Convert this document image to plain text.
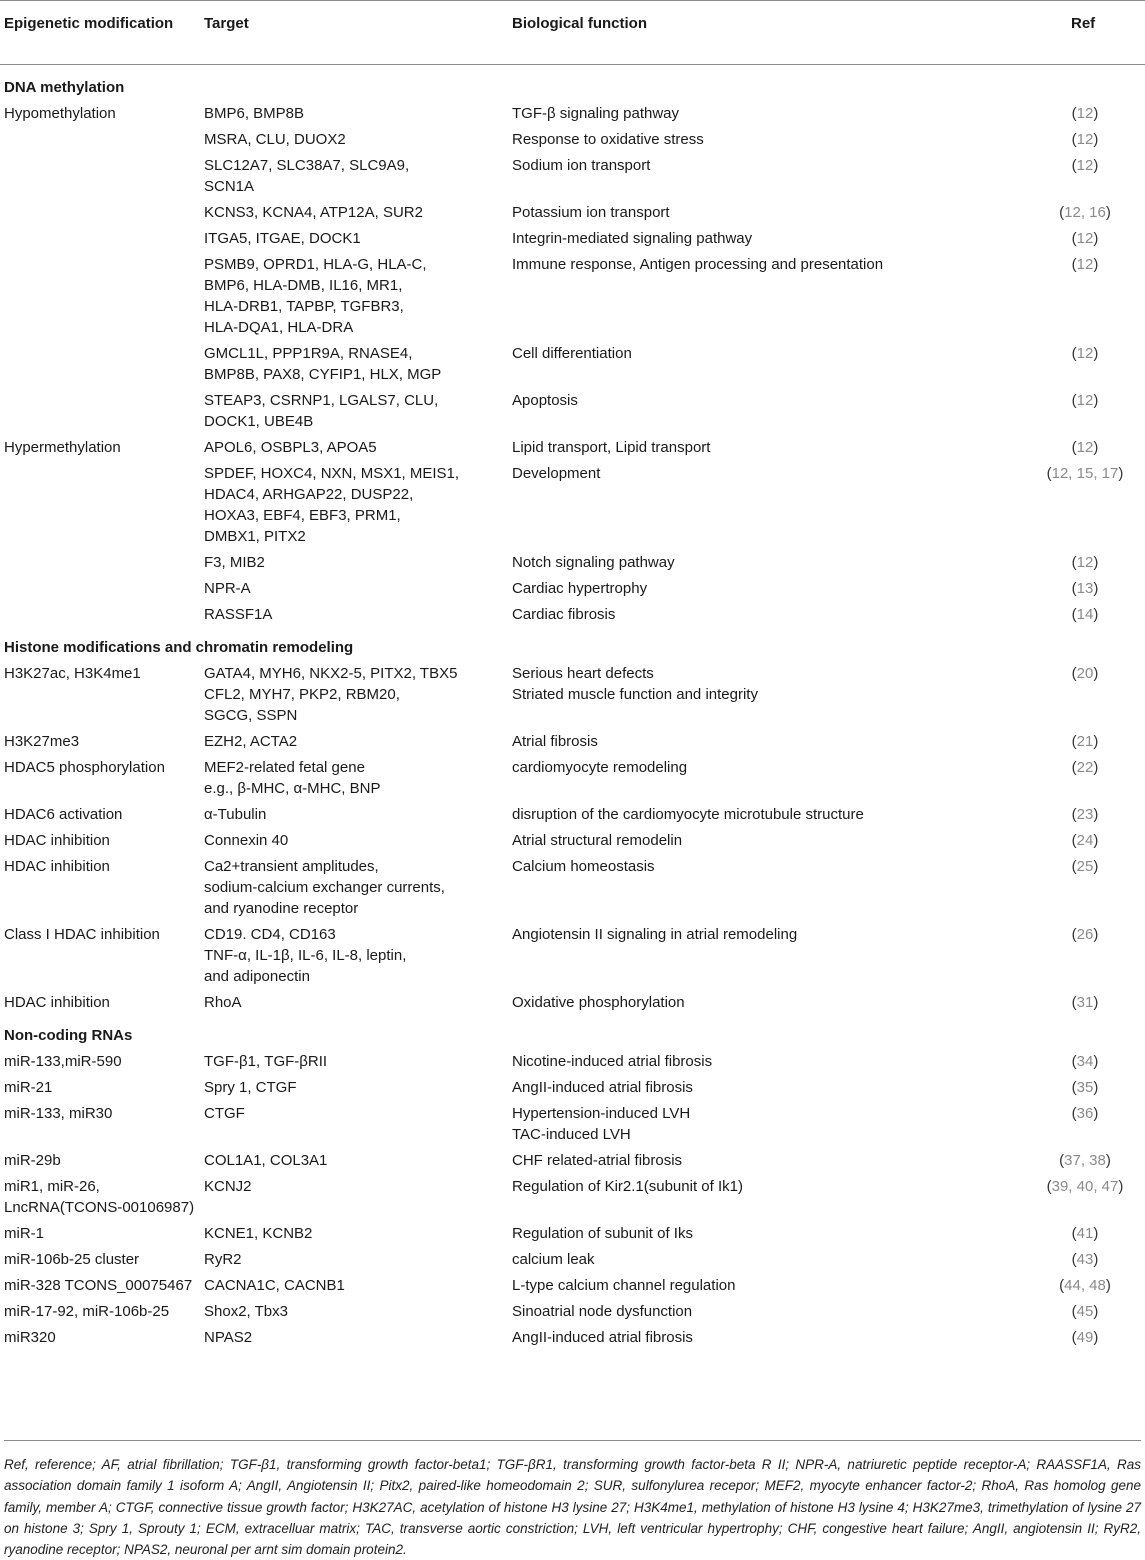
Epigenetic modification	Target	Biological function	Ref
DNA methylation			
Hypomethylation	BMP6, BMP8B	TGF-β signaling pathway	(12)

	MSRA, CLU, DUOX2	Response to oxidative stress	(12)

	SLC12A7, SLC38A7, SLC9A9,
SCN1A	Sodium ion transport	(12)

	KCNS3, KCNA4, ATP12A, SUR2	Potassium ion transport	(12, 16)

	ITGA5, ITGAE, DOCK1	Integrin-mediated signaling pathway	(12)

	PSMB9, OPRD1, HLA-G, HLA-C,
BMP6, HLA-DMB, IL16, MR1,
HLA-DRB1, TAPBP, TGFBR3,
HLA-DQA1, HLA-DRA	Immune response, Antigen processing and presentation	(12)

	GMCL1L, PPP1R9A, RNASE4,
BMP8B, PAX8, CYFIP1, HLX, MGP	Cell differentiation	(12)

	STEAP3, CSRNP1, LGALS7, CLU,
DOCK1, UBE4B	Apoptosis	(12)
Hypermethylation	APOL6, OSBPL3, APOA5	Lipid transport, Lipid transport	(12)

	SPDEF, HOXC4, NXN, MSX1, MEIS1,
HDAC4, ARHGAP22, DUSP22,
HOXA3, EBF4, EBF3, PRM1,
DMBX1, PITX2	Development	(12, 15, 17)

	F3, MIB2	Notch signaling pathway	(12)

	NPR-A	Cardiac hypertrophy	(13)

	RASSF1A	Cardiac fibrosis	(14)
Histone modifications and chromatin remodeling			
H3K27ac, H3K4me1	GATA4, MYH6, NKX2-5, PITX2, TBX5
CFL2, MYH7, PKP2, RBM20,
SGCG, SSPN	Serious heart defects
Striated muscle function and integrity	(20)
H3K27me3	EZH2, ACTA2	Atrial fibrosis	(21)
HDAC5 phosphorylation	MEF2-related fetal gene
e.g., β-MHC, α-MHC, BNP	cardiomyocyte remodeling	(22)
HDAC6 activation	α-Tubulin	disruption of the cardiomyocyte microtubule structure	(23)
HDAC inhibition	Connexin 40	Atrial structural remodelin	(24)
HDAC inhibition	Ca2+transient amplitudes,
sodium-calcium exchanger currents,
and ryanodine receptor	Calcium homeostasis	(25)
Class I HDAC inhibition	CD19. CD4, CD163
TNF-α, IL-1β, IL-6, IL-8, leptin,
and adiponectin	Angiotensin II signaling in atrial remodeling	(26)
HDAC inhibition	RhoA	Oxidative phosphorylation	(31)
Non-coding RNAs			
miR-133,miR-590	TGF-β1, TGF-βRII	Nicotine-induced atrial fibrosis	(34)
miR-21	Spry 1, CTGF	AngII-induced atrial fibrosis	(35)
miR-133, miR30	CTGF	Hypertension-induced LVH
TAC-induced LVH	(36)
miR-29b	COL1A1, COL3A1	CHF related-atrial fibrosis	(37, 38)
miR1, miR-26, LncRNA(TCONS-00106987)	KCNJ2	Regulation of Kir2.1(subunit of Ik1)	(39, 40, 47)
miR-1	KCNE1, KCNB2	Regulation of subunit of Iks	(41)
miR-106b-25 cluster	RyR2	calcium leak	(43)
miR-328 TCONS_00075467	CACNA1C, CACNB1	L-type calcium channel regulation	(44, 48)
miR-17-92, miR-106b-25	Shox2, Tbx3	Sinoatrial node dysfunction	(45)
miR320	NPAS2	AngII-induced atrial fibrosis	(49)
Ref, reference; AF, atrial fibrillation; TGF-β1, transforming growth factor-beta1; TGF-βR1, transforming growth factor-beta R II; NPR-A, natriuretic peptide receptor-A; RAASSF1A, Ras association domain family 1 isoform A; AngII, Angiotensin II; Pitx2, paired-like homeodomain 2; SUR, sulfonylurea recepor; MEF2, myocyte enhancer factor-2; RhoA, Ras homolog gene family, member A; CTGF, connective tissue growth factor; H3K27AC, acetylation of histone H3 lysine 27; H3K4me1, methylation of histone H3 lysine 4; H3K27me3, trimethylation of lysine 27 on histone 3; Spry 1, Sprouty 1; ECM, extracelluar matrix; TAC, transverse aortic constriction; LVH, left ventricular hypertrophy; CHF, congestive heart failure; AngII, angiotensin II; RyR2, ryanodine receptor; NPAS2, neuronal per arnt sim domain protein2.
